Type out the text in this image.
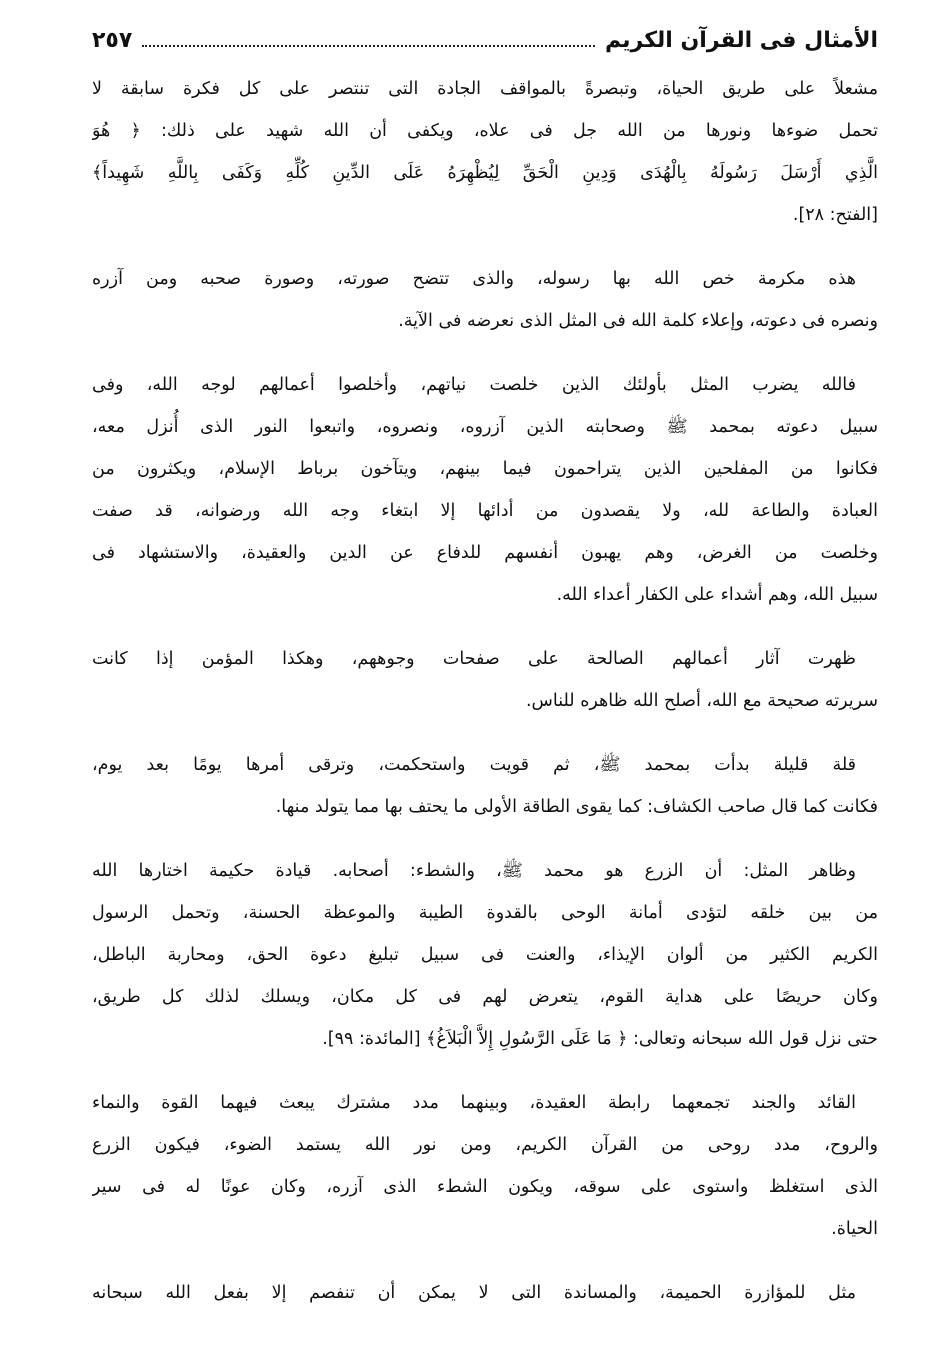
الأمثال فى القرآن الكريم
٢٥٧
مشعلاً على طريق الحياة، وتبصرةً بالمواقف الجادة التى تنتصر على كل فكرة سابقة لا
تحمل ضوءها ونورها من الله جل فى علاه، ويكفى أن الله شهيد على ذلك: ﴿ هُوَ
الَّذِي أَرْسَلَ رَسُولَهُ بِالْهُدَى وَدِينِ الْحَقِّ لِيُظْهِرَهُ عَلَى الدِّينِ كُلِّهِ وَكَفَى بِاللَّهِ شَهِيداً﴾
[الفتح: ٢٨].
هذه مكرمة خص الله بها رسوله، والذى تتضح صورته، وصورة صحبه ومن آزره
ونصره فى دعوته، وإعلاء كلمة الله فى المثل الذى نعرضه فى الآية.
فالله يضرب المثل بأولئك الذين خلصت نياتهم، وأخلصوا أعمالهم لوجه الله، وفى
سبيل دعوته بمحمد ﷺ وصحابته الذين آزروه، ونصروه، واتبعوا النور الذى أُنزل معه،
فكانوا من المفلحين الذين يتراحمون فيما بينهم، ويتآخون برباط الإسلام، ويكثرون من
العبادة والطاعة لله، ولا يقصدون من أدائها إلا ابتغاء وجه الله ورضوانه، قد صفت
وخلصت من الغرض، وهم يهبون أنفسهم للدفاع عن الدين والعقيدة، والاستشهاد فى
سبيل الله، وهم أشداء على الكفار أعداء الله.
ظهرت آثار أعمالهم الصالحة على صفحات وجوههم، وهكذا المؤمن إذا كانت
سريرته صحيحة مع الله، أصلح الله ظاهره للناس.
قلة قليلة بدأت بمحمد ﷺ، ثم قويت واستحكمت، وترقى أمرها يومًا بعد يوم،
فكانت كما قال صاحب الكشاف: كما يقوى الطاقة الأولى ما يحتف بها مما يتولد منها.
وظاهر المثل: أن الزرع هو محمد ﷺ، والشطء: أصحابه. قيادة حكيمة اختارها الله
من بين خلقه لتؤدى أمانة الوحى بالقدوة الطيبة والموعظة الحسنة، وتحمل الرسول
الكريم الكثير من ألوان الإيذاء، والعنت فى سبيل تبليغ دعوة الحق، ومحاربة الباطل،
وكان حريصًا على هداية القوم، يتعرض لهم فى كل مكان، ويسلك لذلك كل طريق،
حتى نزل قول الله سبحانه وتعالى: ﴿ مَا عَلَى الرَّسُولِ إِلاَّ الْبَلاَغُ﴾ [المائدة: ٩٩].
القائد والجند تجمعهما رابطة العقيدة، وبينهما مدد مشترك يبعث فيهما القوة والنماء
والروح، مدد روحى من القرآن الكريم، ومن نور الله يستمد الضوء، فيكون الزرع
الذى استغلظ واستوى على سوقه، ويكون الشطء الذى آزره، وكان عونًا له فى سير
الحياة.
مثل للمؤازرة الحميمة، والمساندة التى لا يمكن أن تنفصم إلا بفعل الله سبحانه
